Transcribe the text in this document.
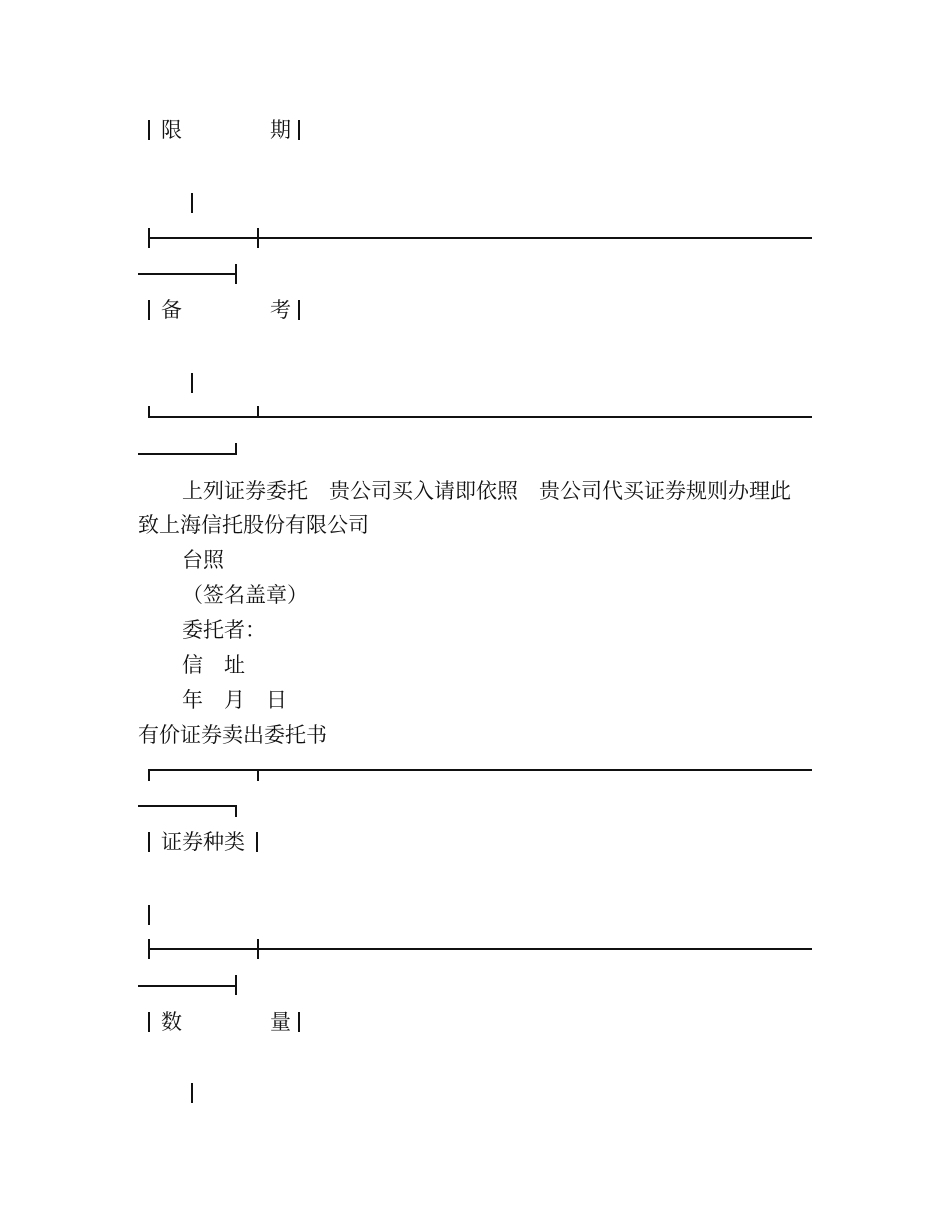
限	期
备	考
上列证券委托　贵公司买入请即依照　贵公司代买证券规则办理此
致上海信托股份有限公司
台照
（签名盖章）
委托者：
信　址
年　月　日
有价证券卖出委托书
证券种类
数	量
